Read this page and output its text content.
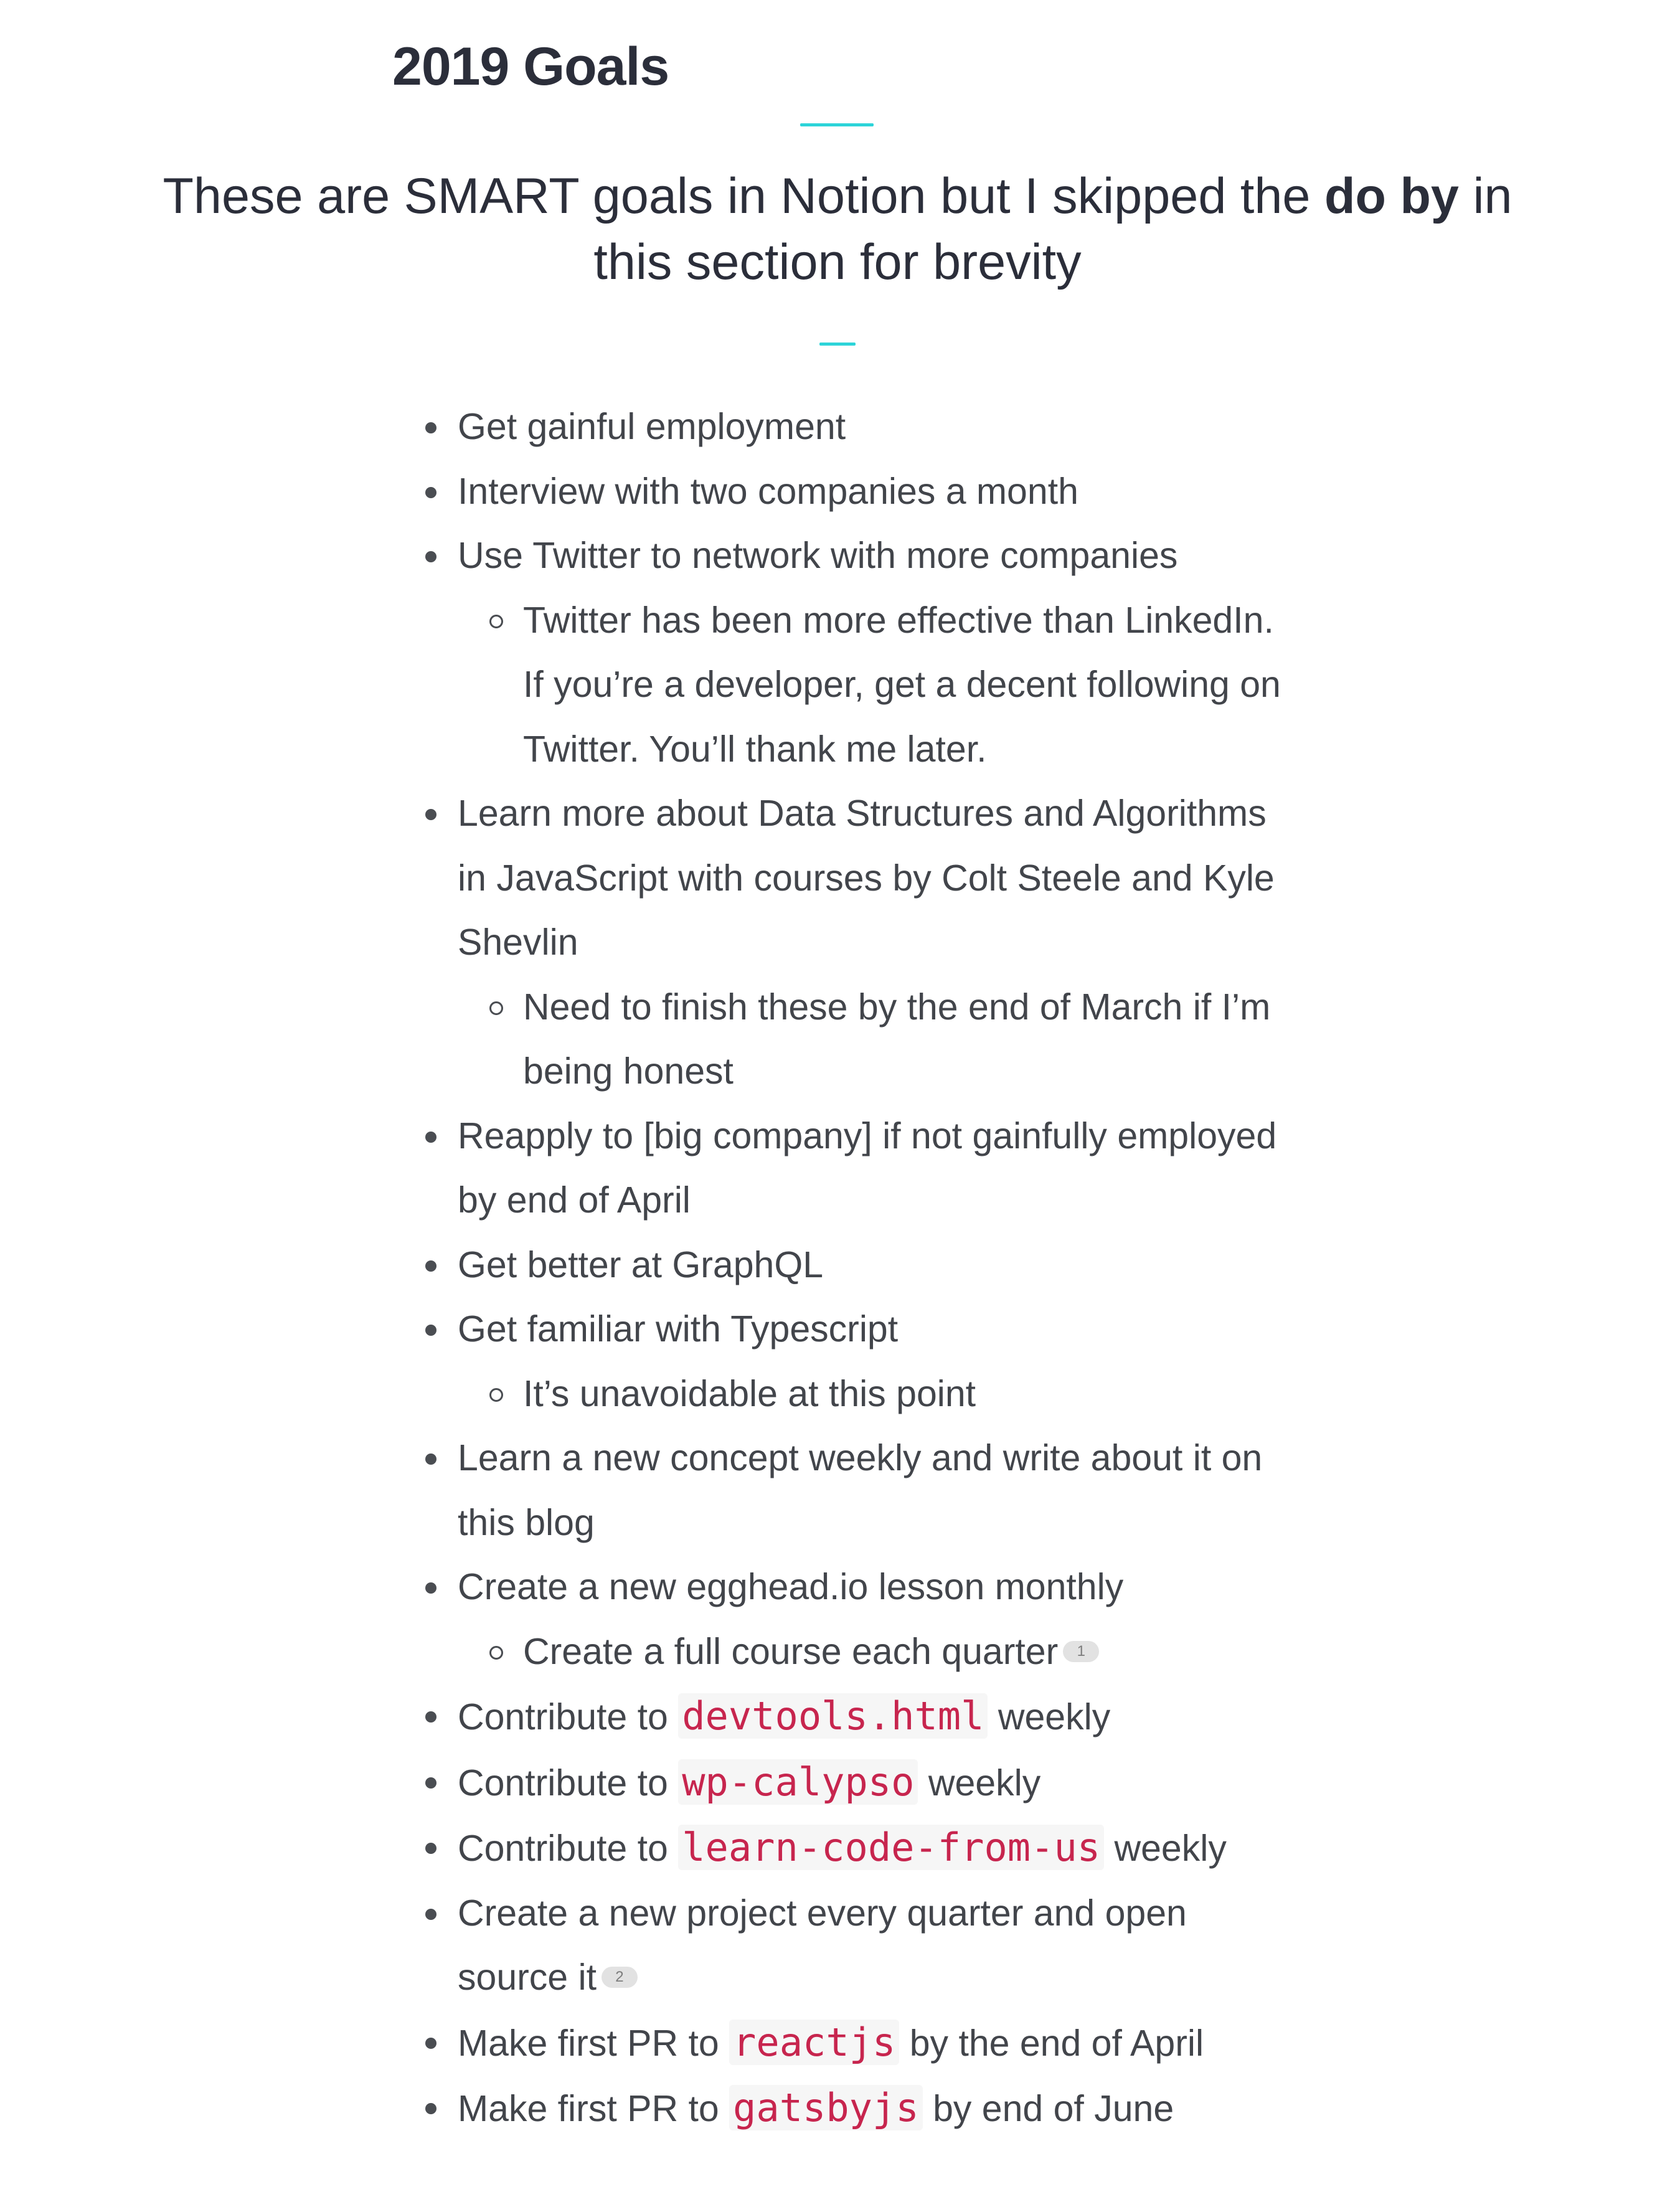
2019 Goals
These are SMART goals in Notion but I skipped the do by in this section for brevity
Get gainful employment
Interview with two companies a month
Use Twitter to network with more companies
Twitter has been more effective than LinkedIn. If you’re a developer, get a decent following on Twitter. You’ll thank me later.
Learn more about Data Structures and Algorithms in JavaScript with courses by Colt Steele and Kyle Shevlin
Need to finish these by the end of March if I’m being honest
Reapply to [big company] if not gainfully employed by end of April
Get better at GraphQL
Get familiar with Typescript
It’s unavoidable at this point
Learn a new concept weekly and write about it on this blog
Create a new egghead.io lesson monthly
Create a full course each quarter 1
Contribute to devtools.html weekly
Contribute to wp-calypso weekly
Contribute to learn-code-from-us weekly
Create a new project every quarter and open source it 2
Make first PR to reactjs by the end of April
Make first PR to gatsbyjs by end of June
